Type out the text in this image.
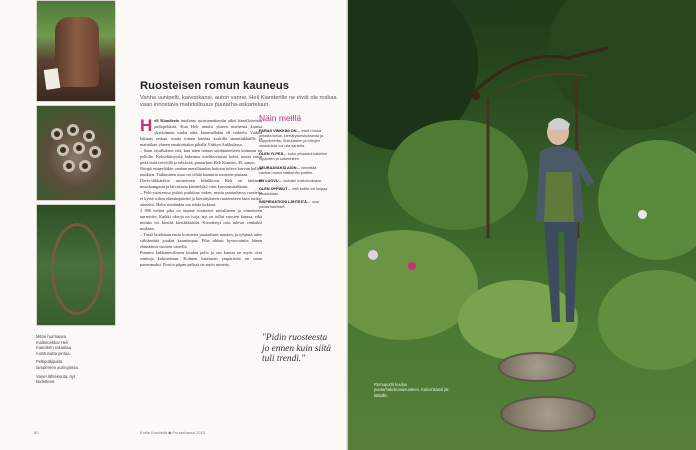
Mitori hurmaava
maitotonkka! Heli
Kianderin rakastaa
ruostunutta pintaa.

Peltiputkipaita
tampereen auringossa.

Vanet lähtekouta, nyt
taidetteos.

Ruosteisen romun kauneus

Vanha uunipelti, kaivonkansi, auton vanne. Heli Kianderille ne eivät ole roskaa vaan innostava mahdollisuus puutarha-askarteluun.

H eli Kianderin intohimo ruostumattomiin aikoi hänelloiseissa pallopeltäsiä. Kun Heli muutti yhteen miehensä kanssa yksiköinnin vanha aitta, kummallakin oli vaihtelu. Vaikkä lattiaan raskaa, mutta toinen kaenaa koskilla sinnertäkkaille ja maiseikan yhteen omakotitalon pihalla Vääkyn Ankkulassa.

– Saan oivalluksen että, kun näen romun unohtuneeseen kulmaan tai pellolle. Kekseliäisyyttä hakeutuu mielikuvitusta kohti, mutta ensin pitää etsiä teeveillä ja tehtävää, puutarhuri Heli Kiander, 45, sanoo.

Niinpä esineeltäkin vanhan metallitaulun hoitoon tuleva kasvun hollyn mutkien. Tutkiminen osaa voi tehdä kaunniin ruosteen pintaan.

Davis-tiikkatalon ruosteiseen kehikkoon Heli on taittanut mutalaungasta ja laivistavat käsittelykö värit kasvusmitalikuin.

– Pelti-ruosteessa pitäisi purkittaa veden, mutta puutarhassa ruosteita ei kyetä siihen elämänpäiviin ja kierrätykseen ruoteenseen kuin ruoka-aineeksi. Helin itseäänkin saa tehdä kukissa.

2 900 neliön piha on täynnä ruosteiset metalliseen ja viimeiseen uurreisiin. Kaikki oksoja on isoja, nyt on tullut vuosien kanssa, eikä mitään voi kiertää kiertäkkäisiin. Kierrätetyt osin tulevat vanhaksi mukaan.

– Tässä hoidetaan ensin koristeita puutarhaan muuten, ja tyhjästä tulee välttämättä jotakin kauniimpaa. Piha uhkuu hyvinvointia hänen elämäänsä vuosien varrella.

Pieneen kukkaneveliseen kuuluu pelto ja sen kanssa ne myös ovat vanhoja kalusteitaan. Kolmen kauttasen ympäristöä on saatu paremmaksi. Porttia piipan pelissä on myös nimetty.

Näin meillä
PARAS VINKKINI ON… etsiä romua omasta kotoa, kierrätyskeskuksesta ja kirpputoreilta. Sukulaisten ja tuttujen varastoista voi olla aarteita.
OLEN YLPEÄ… koko pihastani kaikkine rojuineen ja kasveineen.
SEURAAVAKSI AION… kiinnittää vanhan auton rattikehän porttiin.
EN LUOVU… isoisäni maitotonkasta.
OLEN OPPINUT… että kaikki voi kelpaa puutarhaan.
INSPIRAATIONI LÄHTEITÄ… ovat puutarhalehdet.
"Pidin ruosteesta jo ennen kuin siitä tuli trendi."
80	Kotiin Kuudettä ◆ Puutarhassa 2013
Romuportit kuuluu puutarhakokonaisuuteen. Kaivonkansi jäi lattialle.
